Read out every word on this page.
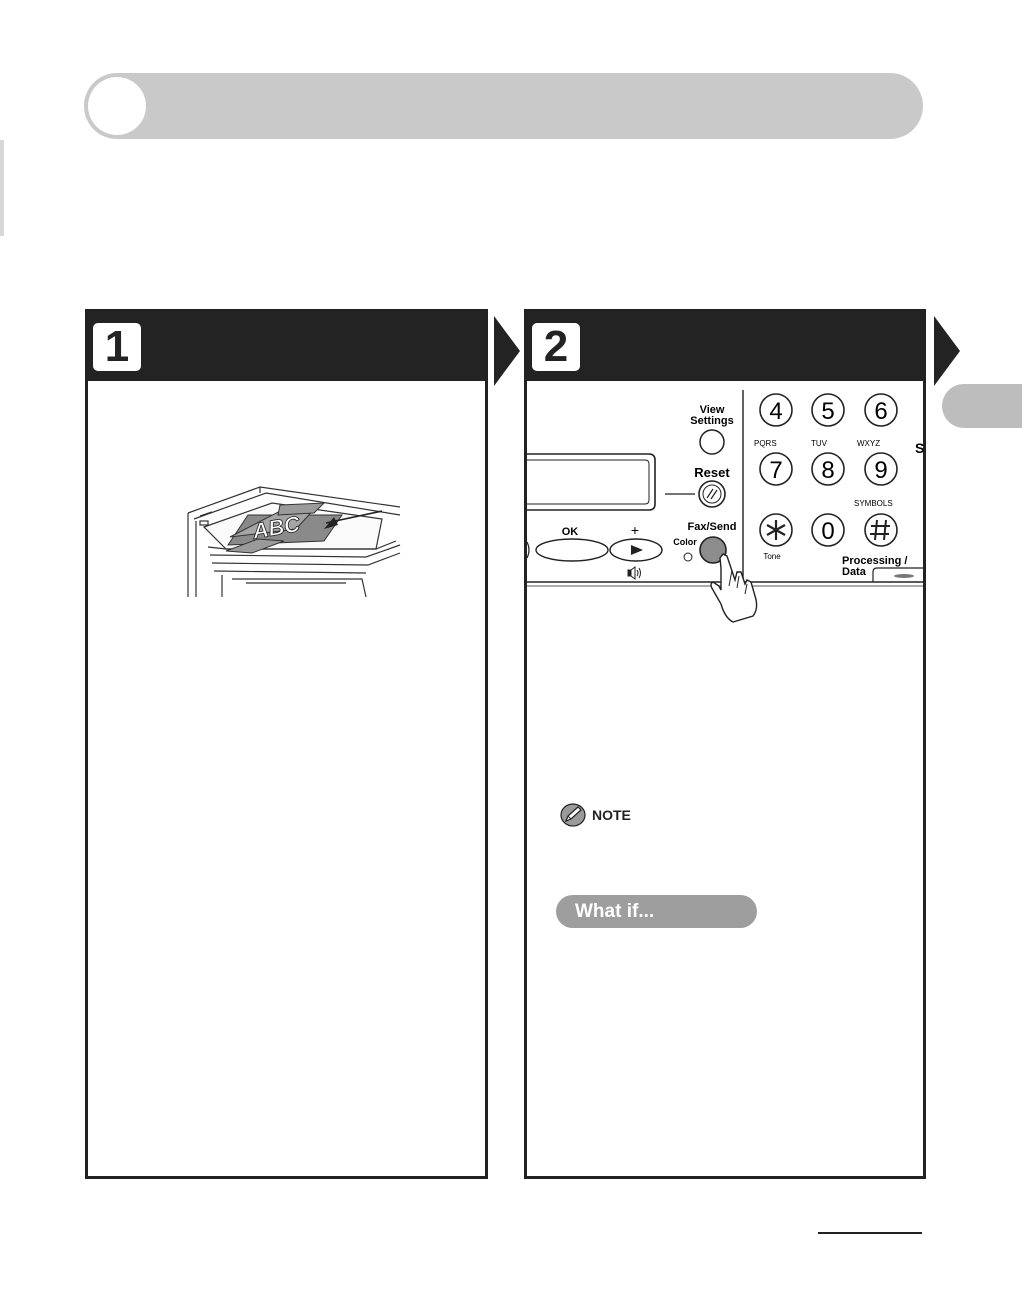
1
ABC
2
View
Settings
Reset
OK	+	Fax/Send
Color
4 5 6
PQRS	TUV	WXYZ S
7 8 9
SYMBOLS
Tone
0
Processing /
Data
NOTE
What if...
